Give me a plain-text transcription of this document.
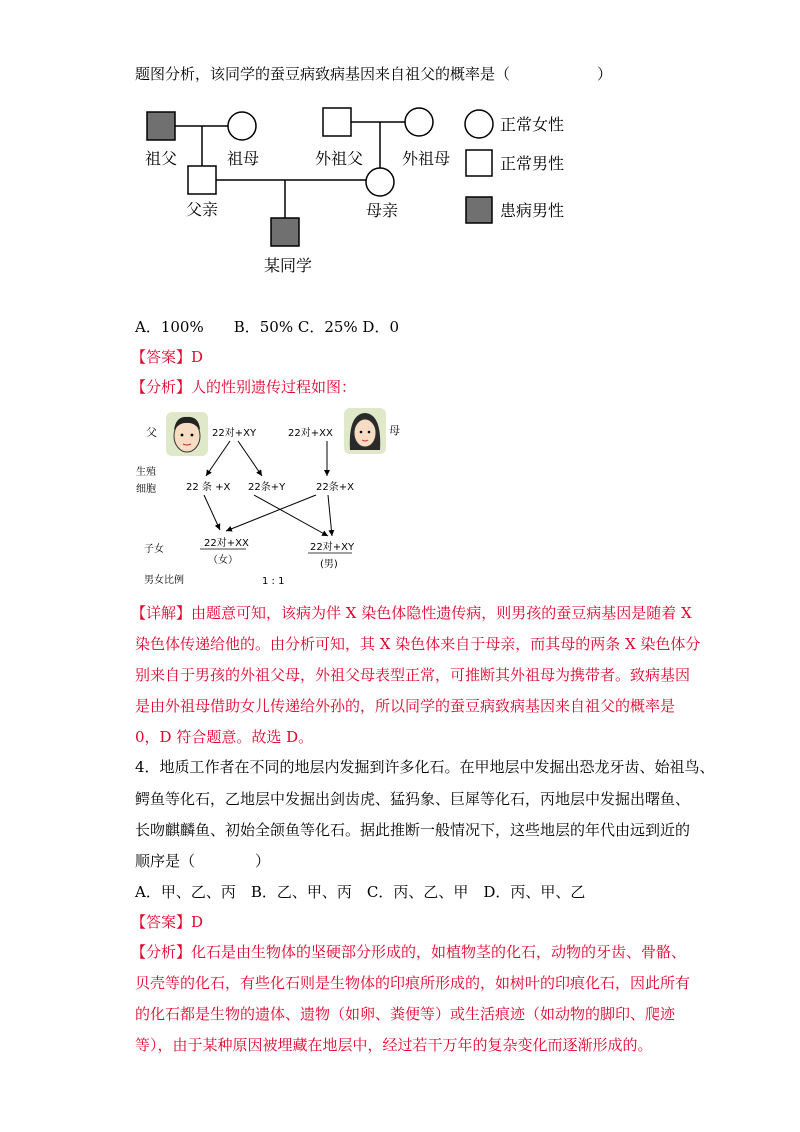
题图分析，该同学的蚕豆病致病基因来自祖父的概率是（	）
祖父	祖母	外祖父 外祖母
父亲	母亲
某同学
正常女性
正常男性
患病男性
A．100%　　B．50% C．25% D．0
【答案】D
【分析】人的性别遗传过程如图：
父	母
22对+XY	22对+XX
生殖
细胞	22 条 +X 22条+Y	22条+X
子女
22对+XX
（女）
22对+XY
(男)
男女比例	1 : 1
【详解】由题意可知，该病为伴 X 染色体隐性遗传病，则男孩的蚕豆病基因是随着 X
染色体传递给他的。由分析可知，其 X 染色体来自于母亲，而其母的两条 X 染色体分
别来自于男孩的外祖父母，外祖父母表型正常，可推断其外祖母为携带者。致病基因
是由外祖母借助女儿传递给外孙的，所以同学的蚕豆病致病基因来自祖父的概率是
0，D 符合题意。故选 D。
4．地质工作者在不同的地层内发掘到许多化石。在甲地层中发掘出恐龙牙齿、始祖鸟、
鳄鱼等化石，乙地层中发掘出剑齿虎、猛犸象、巨犀等化石，丙地层中发掘出曙鱼、
长吻麒麟鱼、初始全颌鱼等化石。据此推断一般情况下，这些地层的年代由远到近的
顺序是（	）
A．甲、乙、丙　B．乙、甲、丙　C．丙、乙、甲　D．丙、甲、乙
【答案】D
【分析】化石是由生物体的坚硬部分形成的，如植物茎的化石，动物的牙齿、骨骼、
贝壳等的化石，有些化石则是生物体的印痕所形成的，如树叶的印痕化石，因此所有
的化石都是生物的遗体、遗物（如卵、粪便等）或生活痕迹（如动物的脚印、爬迹
等），由于某种原因被埋藏在地层中，经过若干万年的复杂变化而逐渐形成的。
